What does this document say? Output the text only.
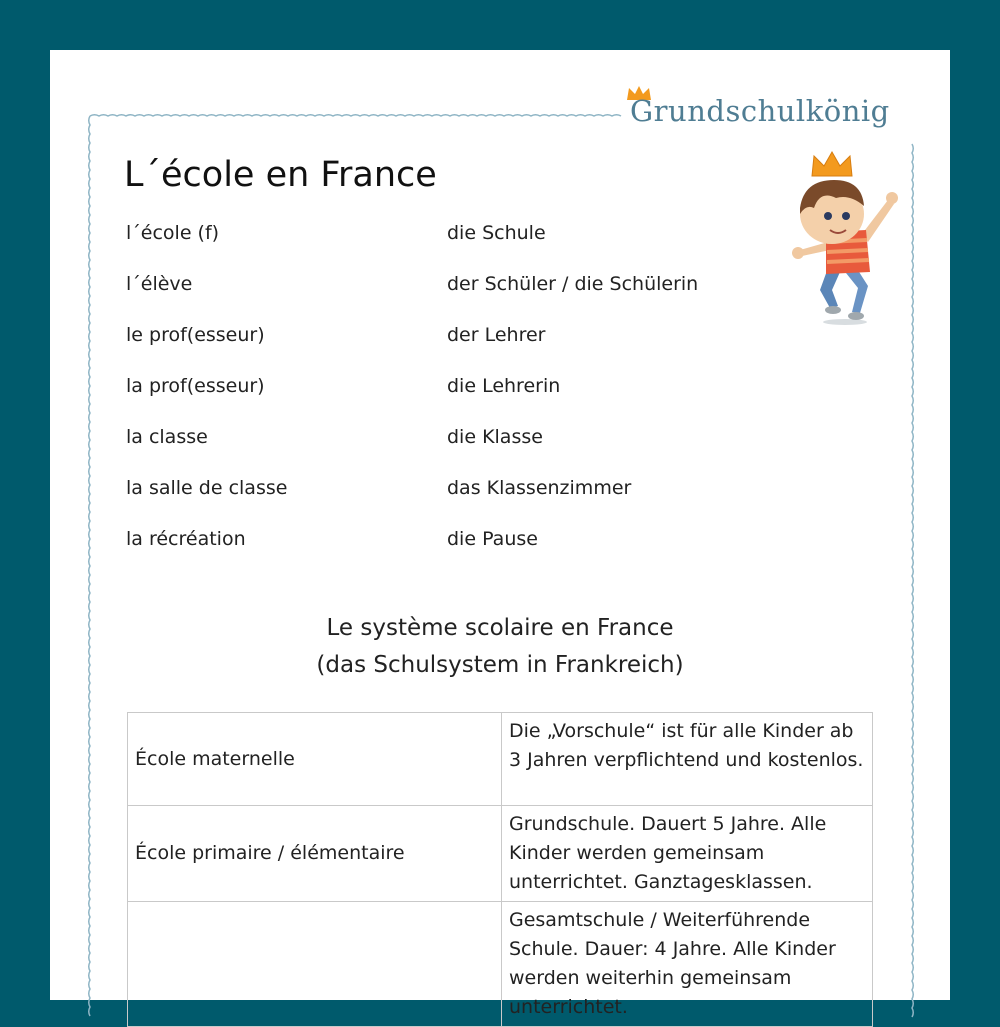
Grundschulkönig
L´école en France
l´école (f)	die Schule
l´élève	der Schüler / die Schülerin
le prof(esseur)	der Lehrer
la prof(esseur)	die Lehrerin
la classe	die Klasse
la salle de classe	das Klassenzimmer
la récréation	die Pause
Le système scolaire en France
(das Schulsystem in Frankreich)
École maternelle	Die „Vorschule“ ist für alle Kinder ab 3 Jahren verpflichtend und kostenlos.
École primaire / élémentaire	Grundschule. Dauert 5 Jahre. Alle Kinder werden gemeinsam unterrichtet. Ganztagesklassen.
	Gesamtschule / Weiterführende Schule. Dauer: 4 Jahre. Alle Kinder werden weiterhin gemeinsam unterrichtet.
